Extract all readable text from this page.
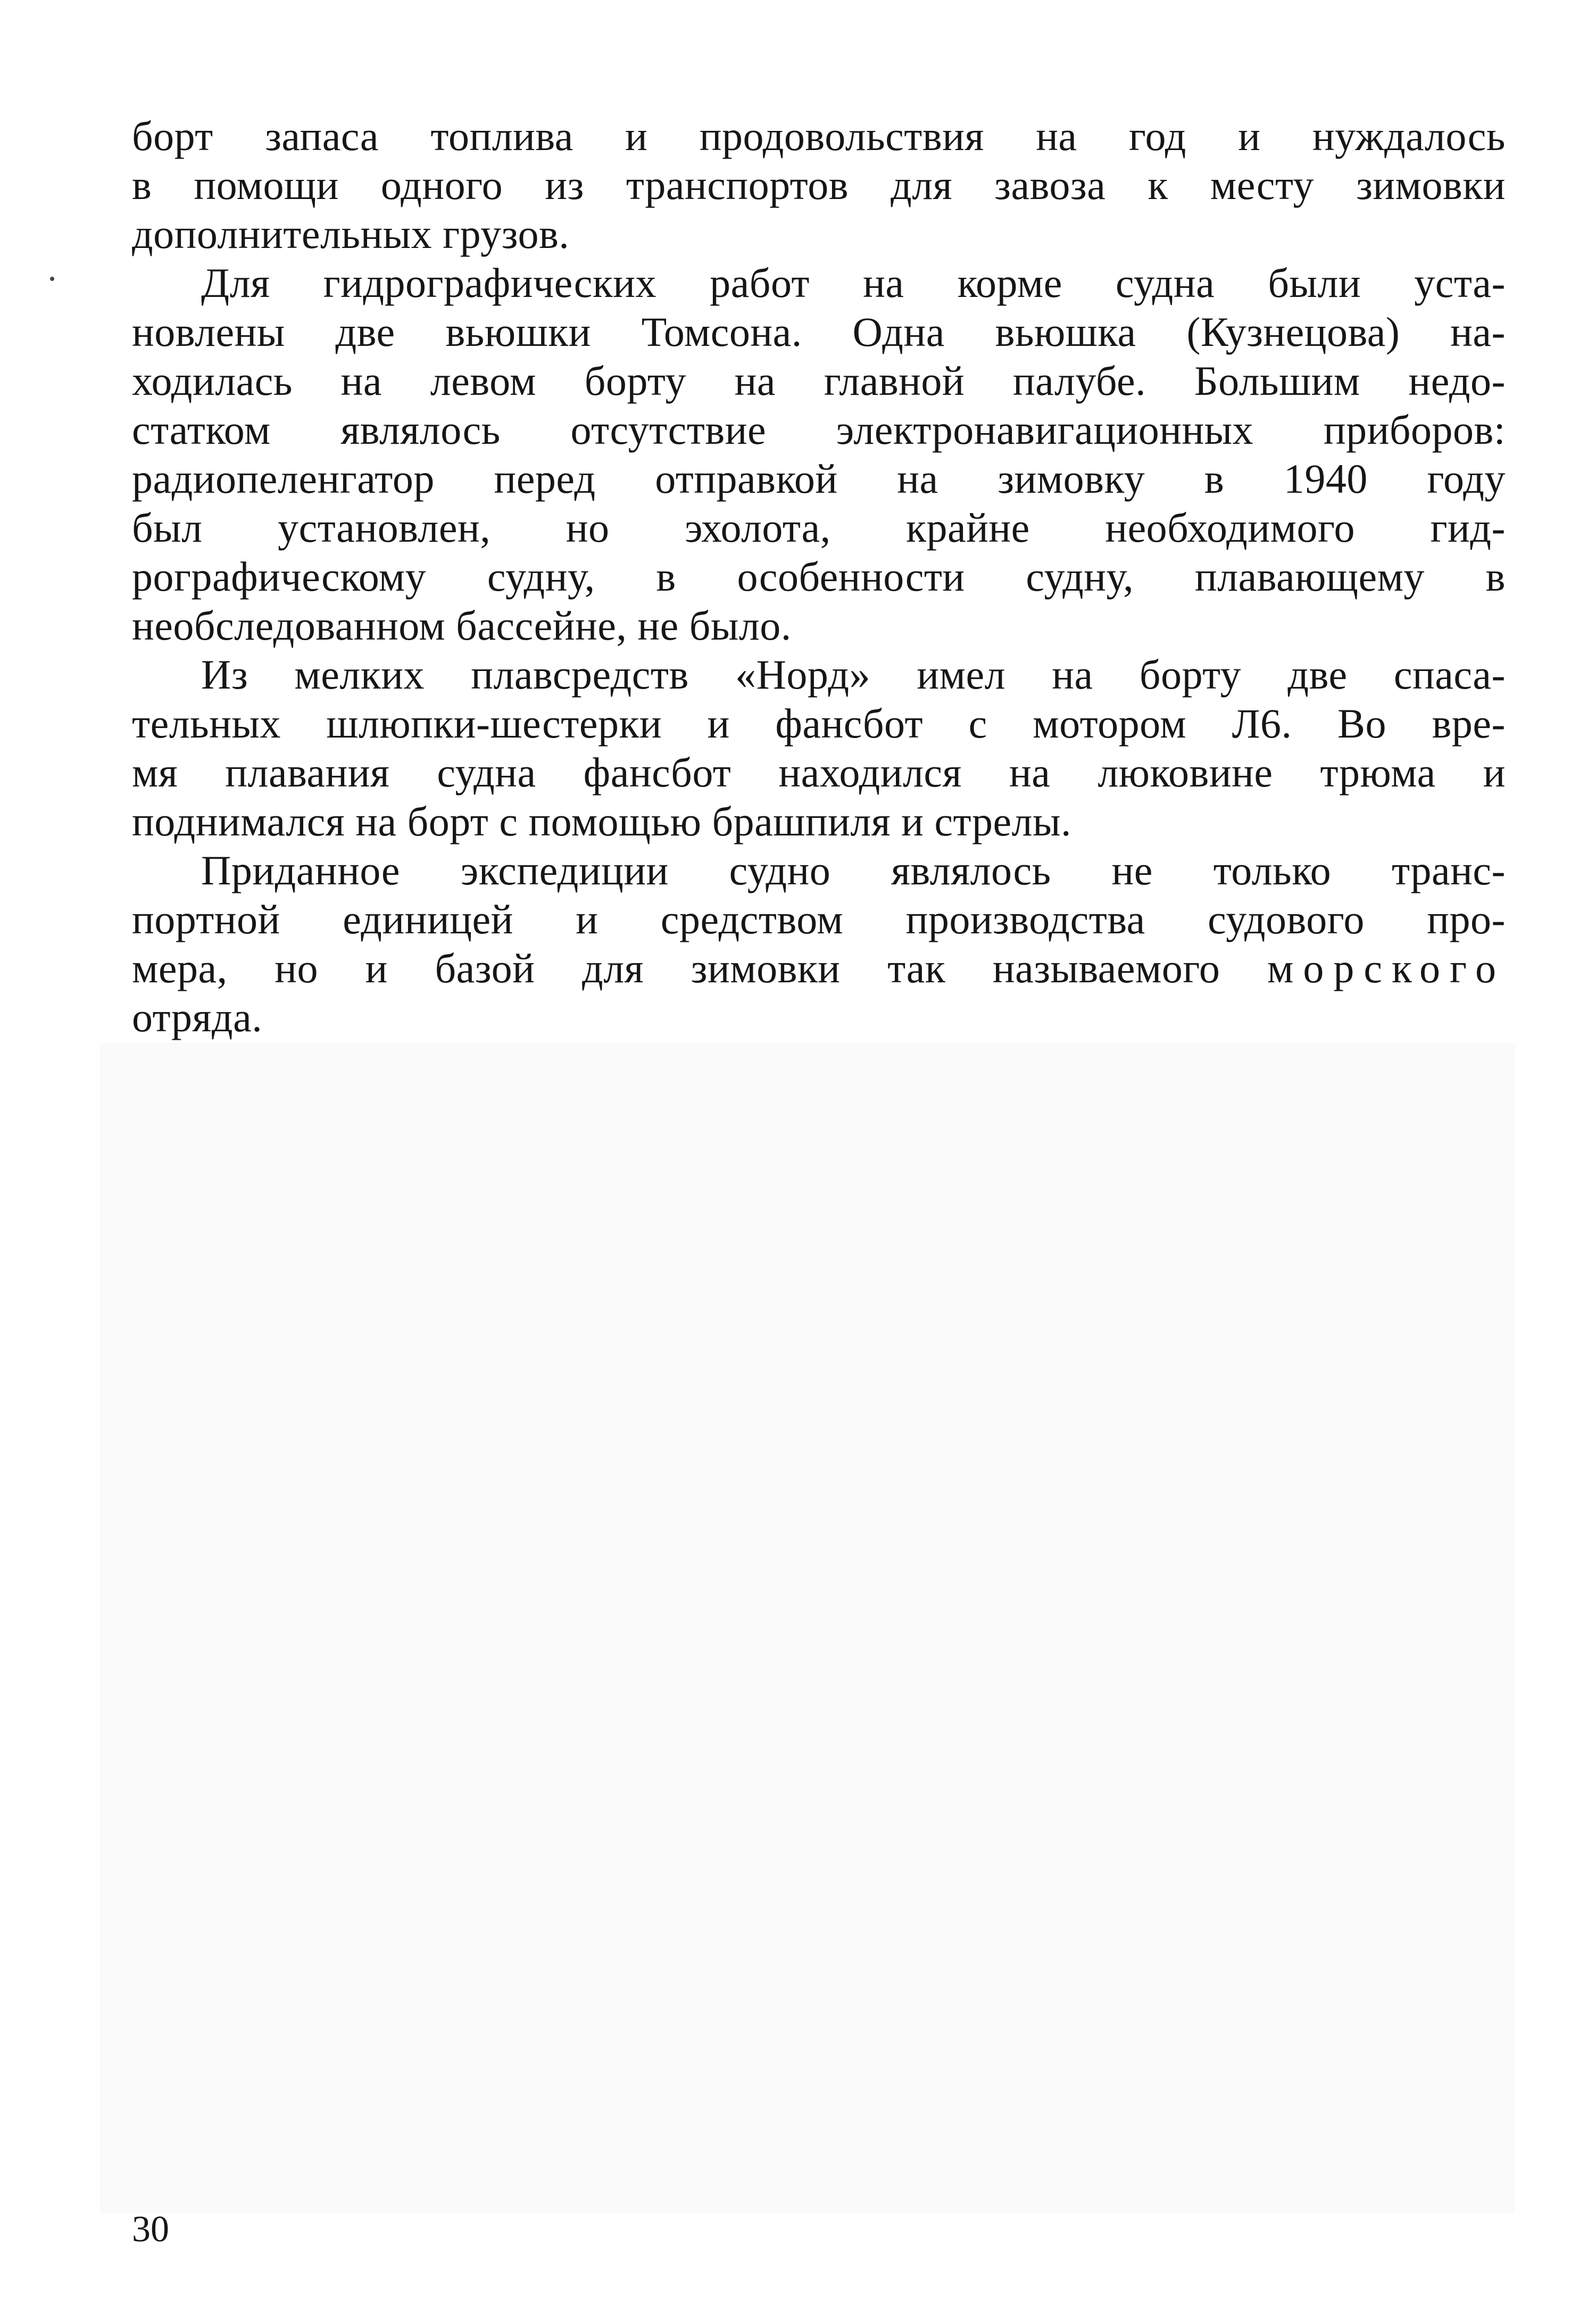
борт запаса топлива и продовольствия на год и нуждалось
в помощи одного из транспортов для завоза к месту зимовки
дополнительных грузов.
Для гидрографических работ на корме судна были уста-
новлены две вьюшки Томсона. Одна вьюшка (Кузнецова) на-
ходилась на левом борту на главной палубе. Большим недо-
статком являлось отсутствие электронавигационных приборов:
радиопеленгатор перед отправкой на зимовку в 1940 году
был установлен, но эхолота, крайне необходимого гид-
рографическому судну, в особенности судну, плавающему в
необследованном бассейне, не было.
Из мелких плавсредств «Норд» имел на борту две спаса-
тельных шлюпки-шестерки и фансбот с мотором Л6. Во вре-
мя плавания судна фансбот находился на люковине трюма и
поднимался на борт с помощью брашпиля и стрелы.
Приданное экспедиции судно являлось не только транс-
портной единицей и средством производства судового про-
мера, но и базой для зимовки так называемого морского
отряда.
30
